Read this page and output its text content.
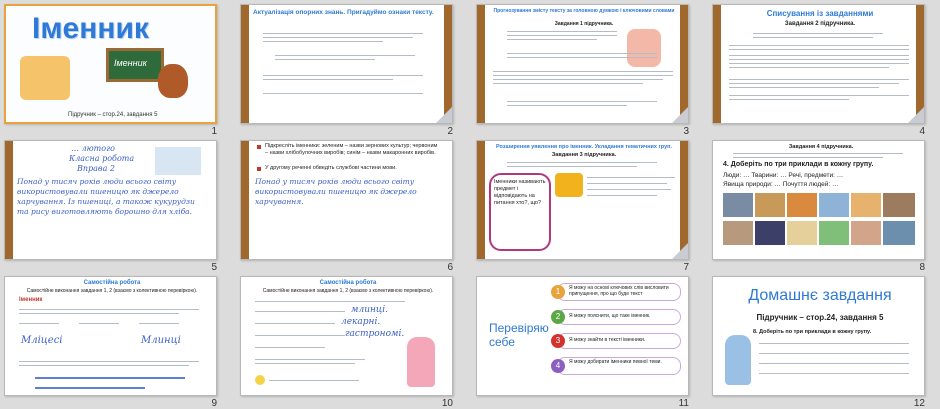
Іменник
Іменник
Підручник – стор.24, завдання 5
1
Актуалізація опорних знань. Пригадуймо ознаки тексту.
2
Прогнозування змісту тексту за головною думкою і ключовими словами
Завдання 1 підручника.
3
Списування із завданнями
Завдання 2 підручника.
4
… лютого
Класна робота
Вправа 2
Понад у тисяч років люди всього світу використовували пшеницю як джерело харчування. Із пшениці, а також кукурудзи та рису виготовляють борошно для хліба.
5
Підкресліть іменники: зеленим – назви зернових культур; червоним – назви хлібобулочних виробів; синім – назви макаронних виробів.
У другому реченні обведіть службові частини мови.
Понад у тисяч років люди всього світу використовували пшеницю як джерело харчування.
6
Розширення уявлення про іменник. Укладання тематичних груп.
Завдання 3 підручника.
Іменники називають предмет і відповідають на питання хто?, що?
7
Завдання 4 підручника.
4. Доберіть по три приклади в кожну групу.
Люди: … Тварини: … Речі, предмети: …
Явища природи: … Почуття людей: …
8
Самостійна робота
Самостійне виконання завдання 1, 2 (взаємо з колективною перевіркою).
Іменник
Мліцесі	Млинці
9
Самостійна робота
Самостійне виконання завдання 1, 2 (взаємо з колективною перевіркою).
млинці.
лекарні.
гастрономі.
10
Перевіряю себе
1	Я можу на основі ключових слів висловити припущення, про що буде текст
2	Я можу пояснити, що таке іменник.
3	Я можу знайти в тексті іменники.
4	Я можу добирати іменники певної теми.
11
Домашнє завдання
Підручник – стор.24, завдання 5
8. Доберіть по три приклади в кожну групу.
12
